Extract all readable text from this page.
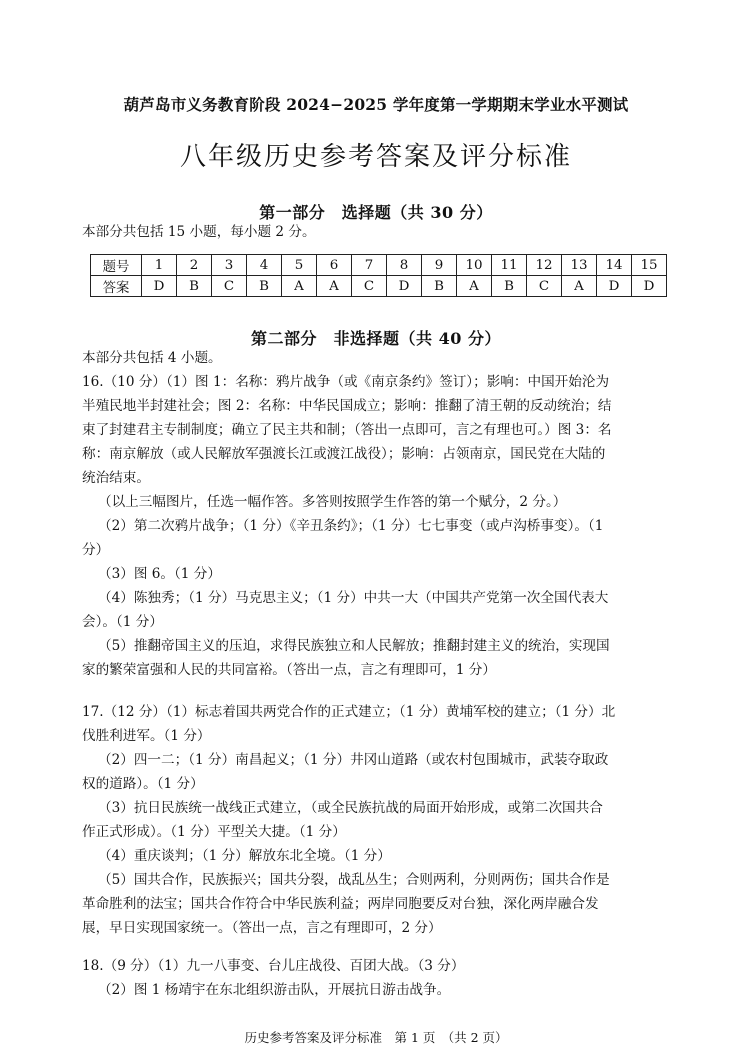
葫芦岛市义务教育阶段 2024−2025 学年度第一学期期末学业水平测试
八年级历史参考答案及评分标准
第一部分　选择题（共 30 分）
本部分共包括 15 小题，每小题 2 分。
题号	1	2	3	4	5	6	7	8	9	10	11	12	13	14	15
答案	D	B	C	B	A	A	C	D	B	A	B	C	A	D	D
第二部分　非选择题（共 40 分）
本部分共包括 4 小题。
16.（10 分）（1）图 1：名称：鸦片战争（或《南京条约》签订）；影响：中国开始沦为
半殖民地半封建社会；图 2：名称：中华民国成立；影响：推翻了清王朝的反动统治；结
束了封建君主专制制度；确立了民主共和制；（答出一点即可，言之有理也可。）图 3：名
称：南京解放（或人民解放军强渡长江或渡江战役）；影响：占领南京，国民党在大陆的
统治结束。
（以上三幅图片，任选一幅作答。多答则按照学生作答的第一个赋分，2 分。）
（2）第二次鸦片战争；（1 分）《辛丑条约》；（1 分）七七事变（或卢沟桥事变）。（1
分）
（3）图 6。（1 分）
（4）陈独秀；（1 分）马克思主义；（1 分）中共一大（中国共产党第一次全国代表大
会）。（1 分）
（5）推翻帝国主义的压迫，求得民族独立和人民解放；推翻封建主义的统治，实现国
家的繁荣富强和人民的共同富裕。（答出一点，言之有理即可，1 分）
17.（12 分）（1）标志着国共两党合作的正式建立；（1 分）黄埔军校的建立；（1 分）北
伐胜利进军。（1 分）
（2）四一二；（1 分）南昌起义；（1 分）井冈山道路（或农村包围城市，武装夺取政
权的道路）。（1 分）
（3）抗日民族统一战线正式建立，（或全民族抗战的局面开始形成，或第二次国共合
作正式形成）。（1 分）平型关大捷。（1 分）
（4）重庆谈判；（1 分）解放东北全境。（1 分）
（5）国共合作，民族振兴；国共分裂，战乱丛生；合则两利，分则两伤；国共合作是
革命胜利的法宝；国共合作符合中华民族利益；两岸同胞要反对台独，深化两岸融合发
展，早日实现国家统一。（答出一点，言之有理即可，2 分）
18.（9 分）（1）九一八事变、台儿庄战役、百团大战。（3 分）
（2）图 1 杨靖宇在东北组织游击队，开展抗日游击战争。
历史参考答案及评分标准　第 1 页　（共 2 页）
